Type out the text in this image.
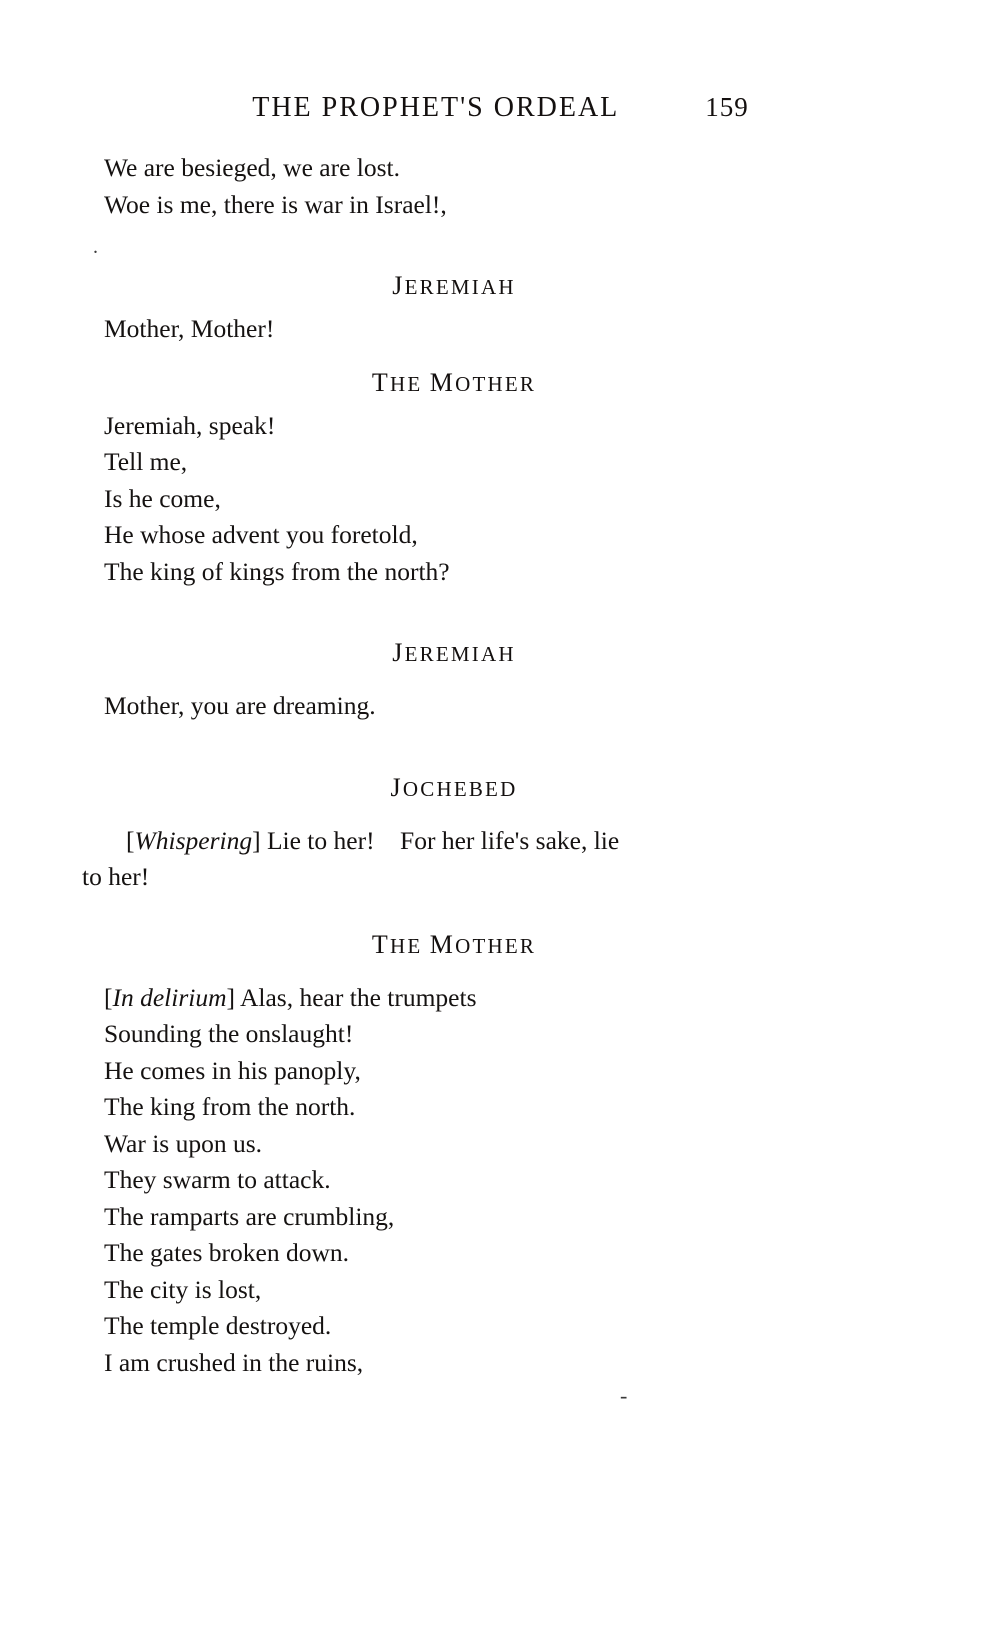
THE PROPHET'S ORDEAL	159
.
-
We are besieged, we are lost.
Woe is me, there is war in Israel!,
JEREMIAH
Mother, Mother!
THE MOTHER
Jeremiah, speak!
Tell me,
Is he come,
He whose advent you foretold,
The king of kings from the north?
JEREMIAH
Mother, you are dreaming.
JOCHEBED
[Whispering] Lie to her!    For her life's sake, lie
to her!
THE MOTHER
[In delirium] Alas, hear the trumpets
Sounding the onslaught!
He comes in his panoply,
The king from the north.
War is upon us.
They swarm to attack.
The ramparts are crumbling,
The gates broken down.
The city is lost,
The temple destroyed.
I am crushed in the ruins,
